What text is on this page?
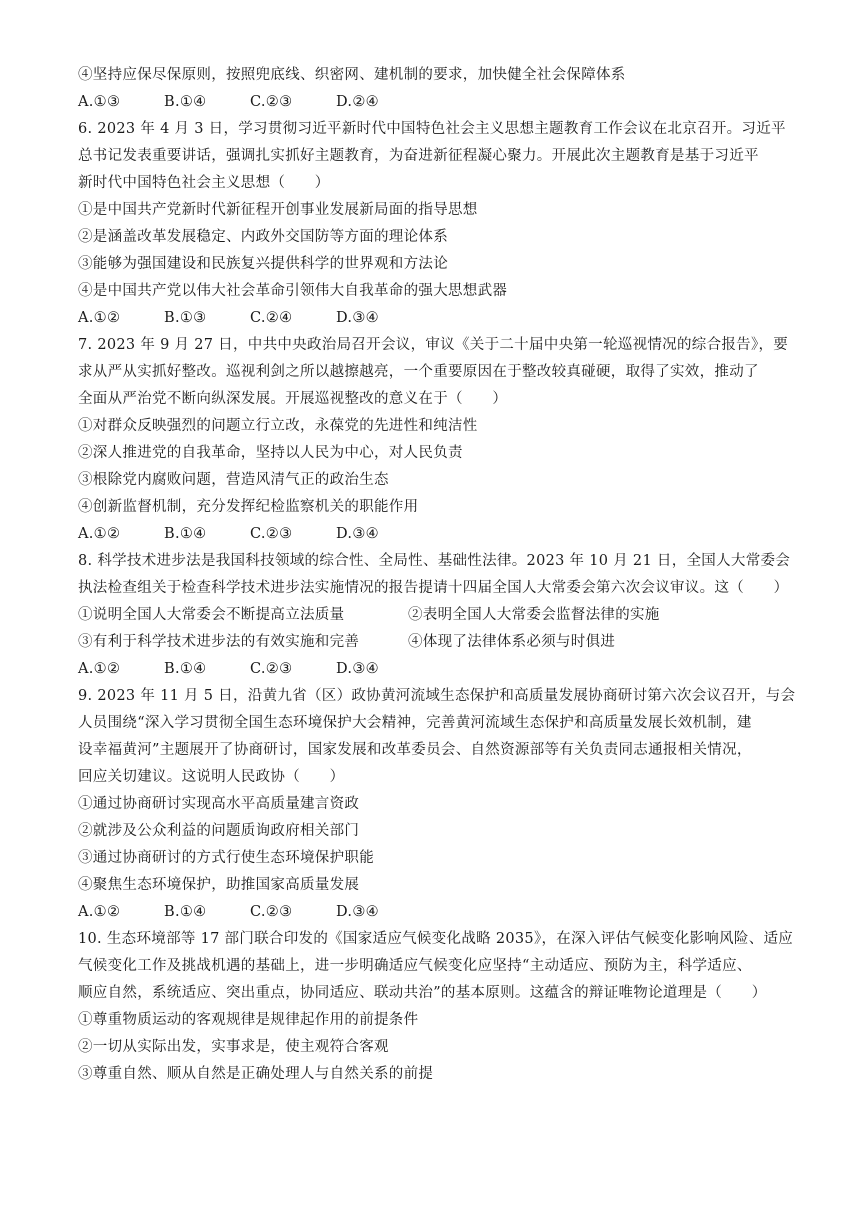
④坚持应保尽保原则，按照兜底线、织密网、建机制的要求，加快健全社会保障体系
A.①③	B.①④	C.②③	D.②④
6. 2023 年 4 月 3 日，学习贯彻习近平新时代中国特色社会主义思想主题教育工作会议在北京召开。习近平
总书记发表重要讲话，强调扎实抓好主题教育，为奋进新征程凝心聚力。开展此次主题教育是基于习近平
新时代中国特色社会主义思想（　　）
①是中国共产党新时代新征程开创事业发展新局面的指导思想
②是涵盖改革发展稳定、内政外交国防等方面的理论体系
③能够为强国建设和民族复兴提供科学的世界观和方法论
④是中国共产党以伟大社会革命引领伟大自我革命的强大思想武器
A.①②	B.①③	C.②④	D.③④
7. 2023 年 9 月 27 日，中共中央政治局召开会议，审议《关于二十届中央第一轮巡视情况的综合报告》，要
求从严从实抓好整改。巡视利剑之所以越擦越亮，一个重要原因在于整改较真碰硬，取得了实效，推动了
全面从严治党不断向纵深发展。开展巡视整改的意义在于（　　）
①对群众反映强烈的问题立行立改，永葆党的先进性和纯洁性
②深人推进党的自我革命，坚持以人民为中心，对人民负责
③根除党内腐败问题，营造风清气正的政治生态
④创新监督机制，充分发挥纪检监察机关的职能作用
A.①②	B.①④	C.②③	D.③④
8. 科学技术进步法是我国科技领域的综合性、全局性、基础性法律。2023 年 10 月 21 日，全国人大常委会
执法检查组关于检查科学技术进步法实施情况的报告提请十四届全国人大常委会第六次会议审议。这（　　）
①说明全国人大常委会不断提高立法质量	②表明全国人大常委会监督法律的实施
③有利于科学技术进步法的有效实施和完善	④体现了法律体系必须与时俱进
A.①②	B.①④	C.②③	D.③④
9. 2023 年 11 月 5 日，沿黄九省（区）政协黄河流域生态保护和高质量发展协商研讨第六次会议召开，与会
人员围绕“深入学习贯彻全国生态环境保护大会精神，完善黄河流域生态保护和高质量发展长效机制，建
设幸福黄河”主题展开了协商研讨，国家发展和改革委员会、自然资源部等有关负责同志通报相关情况，
回应关切建议。这说明人民政协（　　）
①通过协商研讨实现高水平高质量建言资政
②就涉及公众利益的问题质询政府相关部门
③通过协商研讨的方式行使生态环境保护职能
④聚焦生态环境保护，助推国家高质量发展
A.①②	B.①④	C.②③	D.③④
10. 生态环境部等 17 部门联合印发的《国家适应气候变化战略 2035》，在深入评估气候变化影响风险、适应
气候变化工作及挑战机遇的基础上，进一步明确适应气候变化应坚持“主动适应、预防为主，科学适应、
顺应自然，系统适应、突出重点，协同适应、联动共治”的基本原则。这蕴含的辩证唯物论道理是（　　）
①尊重物质运动的客观规律是规律起作用的前提条件
②一切从实际出发，实事求是，使主观符合客观
③尊重自然、顺从自然是正确处理人与自然关系的前提
